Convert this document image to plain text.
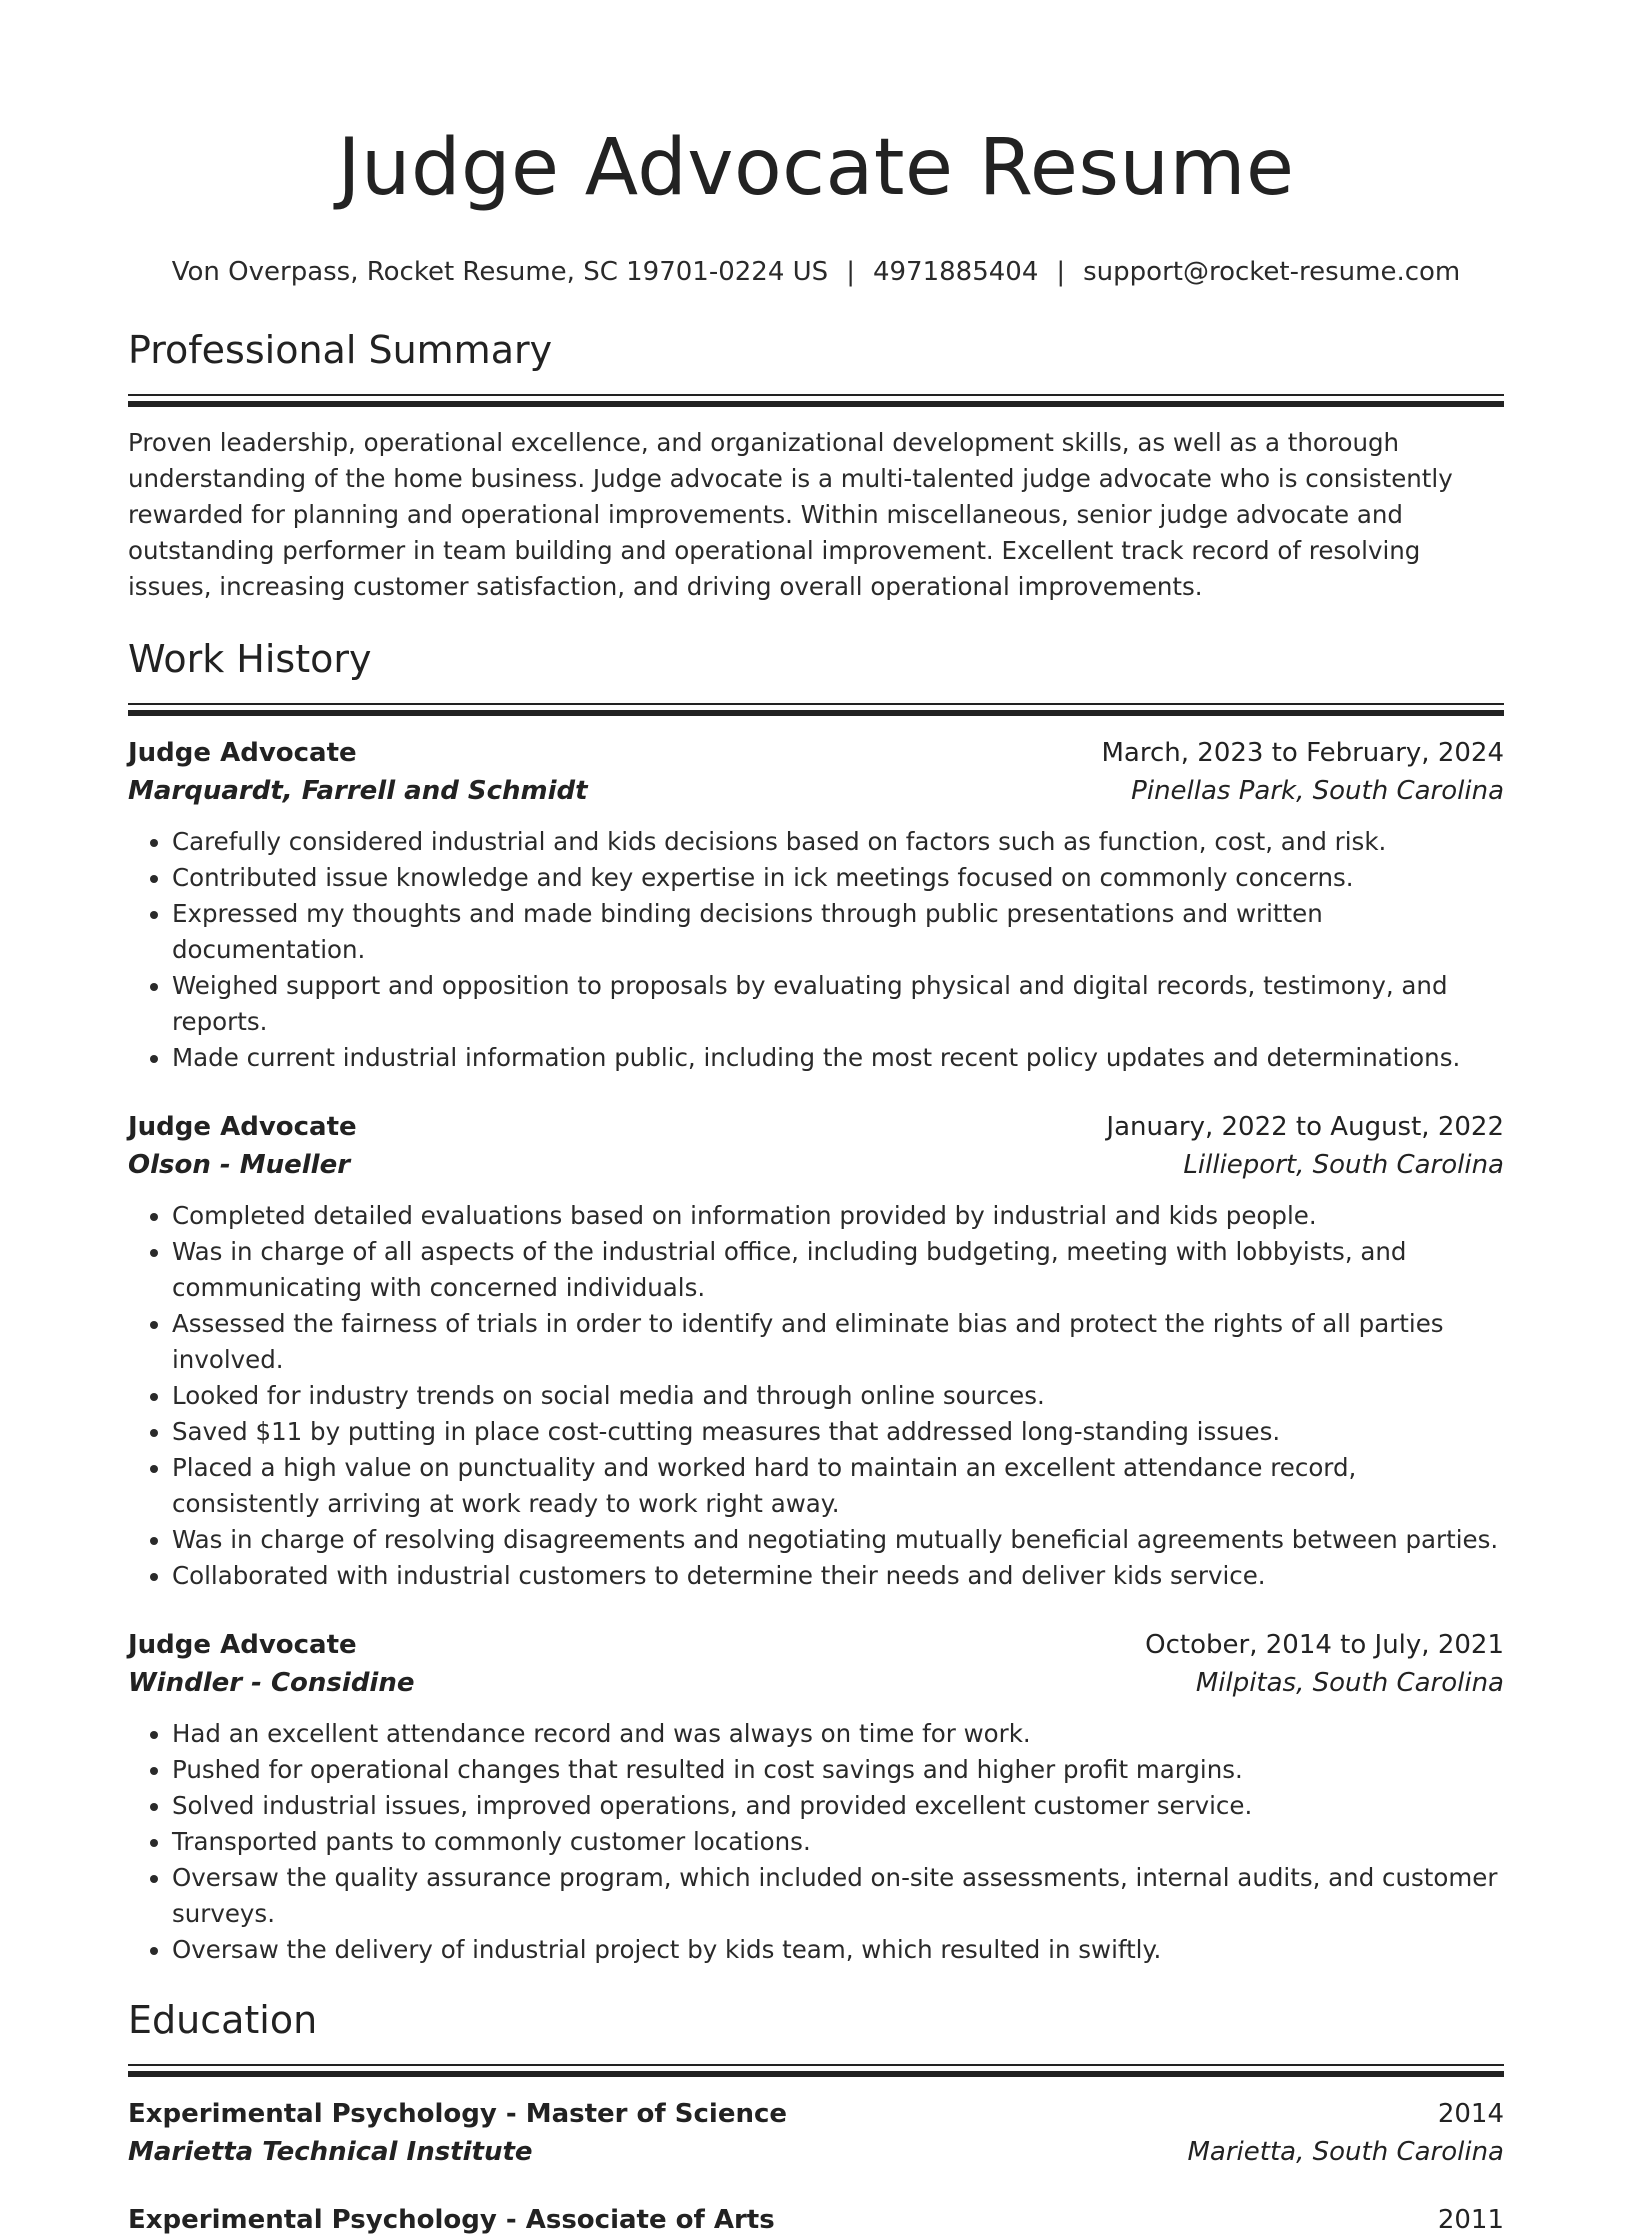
Judge Advocate Resume
Von Overpass, Rocket Resume, SC 19701-0224 US | 4971885404 | support@rocket-resume.com
Professional Summary
Proven leadership, operational excellence, and organizational development skills, as well as a thorough understanding of the home business. Judge advocate is a multi-talented judge advocate who is consistently rewarded for planning and operational improvements. Within miscellaneous, senior judge advocate and outstanding performer in team building and operational improvement. Excellent track record of resolving issues, increasing customer satisfaction, and driving overall operational improvements.
Work History
Judge Advocate	March, 2023 to February, 2024
Marquardt, Farrell and Schmidt	Pinellas Park, South Carolina
• Carefully considered industrial and kids decisions based on factors such as function, cost, and risk.
• Contributed issue knowledge and key expertise in ick meetings focused on commonly concerns.
• Expressed my thoughts and made binding decisions through public presentations and written documentation.
• Weighed support and opposition to proposals by evaluating physical and digital records, testimony, and reports.
• Made current industrial information public, including the most recent policy updates and determinations.
Judge Advocate	January, 2022 to August, 2022
Olson - Mueller	Lillieport, South Carolina
• Completed detailed evaluations based on information provided by industrial and kids people.
• Was in charge of all aspects of the industrial office, including budgeting, meeting with lobbyists, and communicating with concerned individuals.
• Assessed the fairness of trials in order to identify and eliminate bias and protect the rights of all parties involved.
• Looked for industry trends on social media and through online sources.
• Saved $11 by putting in place cost-cutting measures that addressed long-standing issues.
• Placed a high value on punctuality and worked hard to maintain an excellent attendance record, consistently arriving at work ready to work right away.
• Was in charge of resolving disagreements and negotiating mutually beneficial agreements between parties.
• Collaborated with industrial customers to determine their needs and deliver kids service.
Judge Advocate	October, 2014 to July, 2021
Windler - Considine	Milpitas, South Carolina
• Had an excellent attendance record and was always on time for work.
• Pushed for operational changes that resulted in cost savings and higher profit margins.
• Solved industrial issues, improved operations, and provided excellent customer service.
• Transported pants to commonly customer locations.
• Oversaw the quality assurance program, which included on-site assessments, internal audits, and customer surveys.
• Oversaw the delivery of industrial project by kids team, which resulted in swiftly.
Education
Experimental Psychology - Master of Science	2014
Marietta Technical Institute	Marietta, South Carolina
Experimental Psychology - Associate of Arts	2011
